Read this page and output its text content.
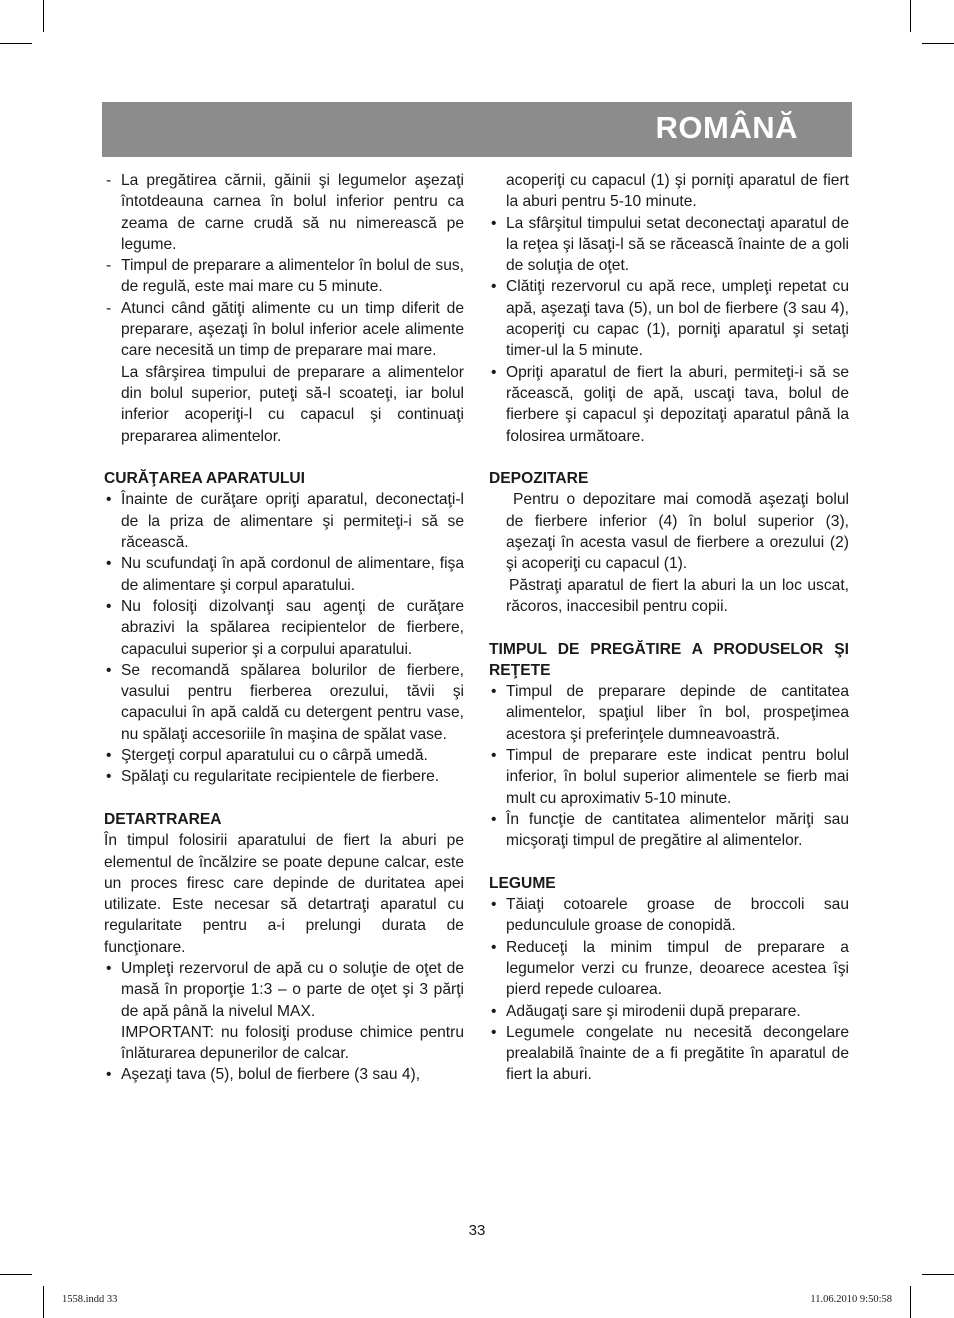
ROMÂNĂ
- La pregătirea cărnii, găinii şi legumelor aşezaţi întotdeauna carnea în bolul inferior pentru ca zeama de carne crudă să nu nimerească pe legume.
- Timpul de preparare a alimentelor în bolul de sus, de regulă, este mai mare cu 5 minute.
- Atunci când gătiţi alimente cu un timp diferit de preparare, aşezaţi în bolul inferior acele alimente care necesită un timp de preparare mai mare.
La sfârşirea timpului de preparare a alimentelor din bolul superior, puteţi să-l scoateţi, iar bolul inferior acoperiţi-l cu capacul şi continuaţi prepararea alimentelor.
CURĂŢAREA APARATULUI
• Înainte de curăţare opriţi aparatul, deconectaţi-l de la priza de alimentare şi permiteţi-i să se răcească.
• Nu scufundaţi în apă cordonul de alimentare, fişa de alimentare şi corpul aparatului.
• Nu folosiţi dizolvanţi sau agenţi de curăţare abrazivi la spălarea recipientelor de fierbere, capacului superior şi a corpului aparatului.
• Se recomandă spălarea bolurilor de fierbere, vasului pentru fierberea orezului, tăvii şi capacului în apă caldă cu detergent pentru vase, nu spălaţi accesoriile în maşina de spălat vase.
• Ştergeţi corpul aparatului cu o cârpă umedă.
• Spălaţi cu regularitate recipientele de fierbere.
DETARTRAREA
În timpul folosirii aparatului de fiert la aburi pe elementul de încălzire se poate depune calcar, este un proces firesc care depinde de duritatea apei utilizate. Este necesar să detartraţi aparatul cu regularitate pentru a-i prelungi durata de funcţionare.
• Umpleţi rezervorul de apă cu o soluţie de oţet de masă în proporţie 1:3 – o parte de oţet şi 3 părţi de apă până la nivelul MAX.
IMPORTANT: nu folosiţi produse chimice pentru înlăturarea depunerilor de calcar.
• Aşezaţi tava (5), bolul de fierbere (3 sau 4),
acoperiţi cu capacul (1) şi porniţi aparatul de fiert la aburi pentru 5-10 minute.
• La sfârşitul timpului setat deconectaţi aparatul de la reţea şi lăsaţi-l să se răcească înainte de a goli de soluţia de oţet.
• Clătiţi rezervorul cu apă rece, umpleţi repetat cu apă, aşezaţi tava (5), un bol de fierbere (3 sau 4), acoperiţi cu capac (1), porniţi aparatul şi setaţi timer-ul la 5 minute.
• Opriţi aparatul de fiert la aburi, permiteţi-i să se răcească, goliţi de apă, uscaţi tava, bolul de fierbere şi capacul şi depozitaţi aparatul până la folosirea următoare.
DEPOZITARE
Pentru o depozitare mai comodă aşezaţi bolul de fierbere inferior (4) în bolul superior (3), aşezaţi în acesta vasul de fierbere a orezului (2) şi acoperiţi cu capacul (1).
Păstraţi aparatul de fiert la aburi la un loc uscat, răcoros, inaccesibil pentru copii.
TIMPUL DE PREGĂTIRE A PRODUSELOR ŞI REŢETE
• Timpul de preparare depinde de cantitatea alimentelor, spaţiul liber în bol, prospeţimea acestora şi preferinţele dumneavoastră.
• Timpul de preparare este indicat pentru bolul inferior, în bolul superior alimentele se fierb mai mult cu aproximativ 5-10 minute.
• În funcţie de cantitatea alimentelor măriţi sau micşoraţi timpul de pregătire al alimentelor.
LEGUME
• Tăiaţi cotoarele groase de broccoli sau peduncululе groase de conopidă.
• Reduceţi la minim timpul de preparare a legumelor verzi cu frunze, deoarece acestea îşi pierd repede culoarea.
• Adăugaţi sare şi mirodenii după preparare.
• Legumele congelate nu necesită decongelare prealabilă înainte de a fi pregătite în aparatul de fiert la aburi.
33
1558.indd 33	11.06.2010 9:50:58
